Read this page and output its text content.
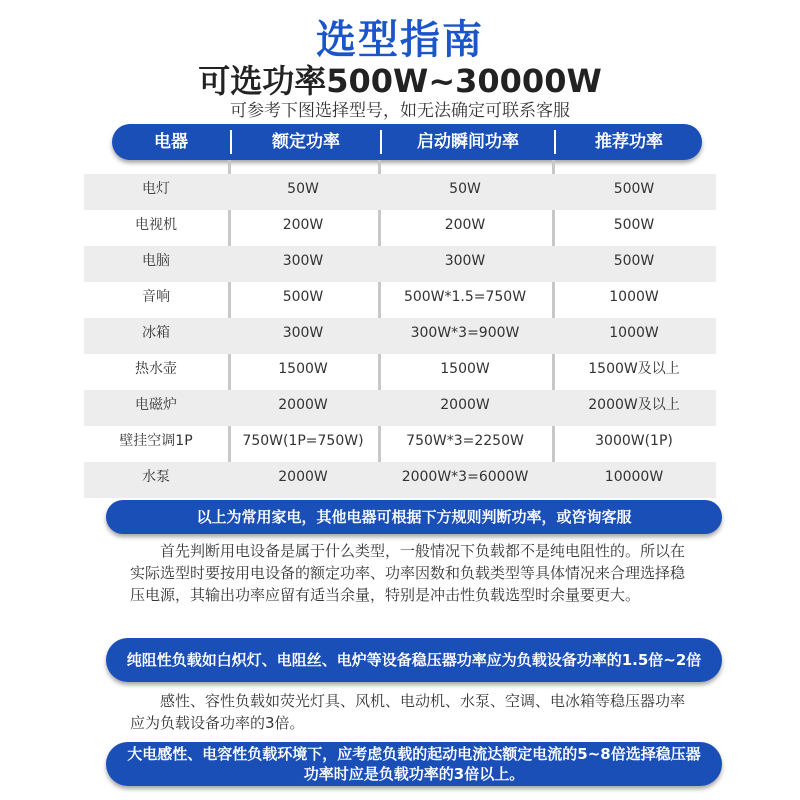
选型指南
可选功率500W~30000W
可参考下图选择型号，如无法确定可联系客服
电器	额定功率	启动瞬间功率	推荐功率
电灯	50W	50W	500W
电视机	200W	200W	500W
电脑	300W	300W	500W
音响	500W	500W*1.5=750W	1000W
冰箱	300W	300W*3=900W	1000W
热水壶	1500W	1500W	1500W及以上
电磁炉	2000W	2000W	2000W及以上
壁挂空调1P	750W(1P=750W)	750W*3=2250W	3000W(1P)
水泵	2000W	2000W*3=6000W	10000W
以上为常用家电，其他电器可根据下方规则判断功率，或咨询客服
首先判断用电设备是属于什么类型，一般情况下负载都不是纯电阻性的。所以在实际选型时要按用电设备的额定功率、功率因数和负载类型等具体情况来合理选择稳压电源，其输出功率应留有适当余量，特别是冲击性负载选型时余量要更大。
纯阻性负载如白炽灯、电阻丝、电炉等设备稳压器功率应为负载设备功率的1.5倍~2倍
感性、容性负载如荧光灯具、风机、电动机、水泵、空调、电冰箱等稳压器功率应为负载设备功率的3倍。
大电感性、电容性负载环境下，应考虑负载的起动电流达额定电流的5~8倍选择稳压器功率时应是负载功率的3倍以上。
